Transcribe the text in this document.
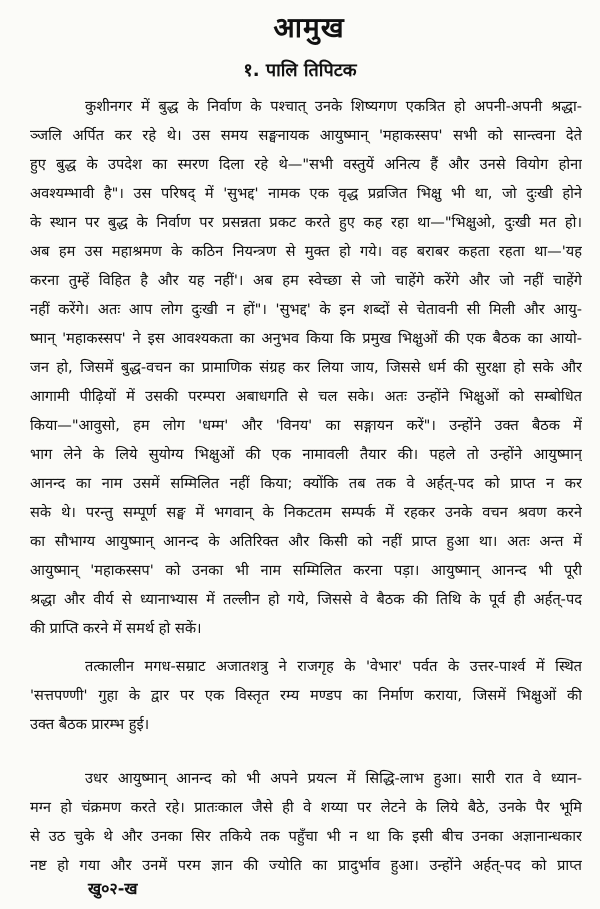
आमुख
१. पालि तिपिटक
कुशीनगर में बुद्ध के निर्वाण के पश्चात् उनके शिष्यगण एकत्रित हो अपनी-अपनी श्रद्धा-
ञ्जलि अर्पित कर रहे थे। उस समय सङ्घनायक आयुष्मान् 'महाकस्सप' सभी को सान्त्वना देते
हुए बुद्ध के उपदेश का स्मरण दिला रहे थे—"सभी वस्तुयें अनित्य हैं और उनसे वियोग होना
अवश्यम्भावी है"। उस परिषद् में 'सुभद्द' नामक एक वृद्ध प्रव्रजित भिक्षु भी था, जो दुःखी होने
के स्थान पर बुद्ध के निर्वाण पर प्रसन्नता प्रकट करते हुए कह रहा था—"भिक्षुओ, दुःखी मत हो।
अब हम उस महाश्रमण के कठिन नियन्त्रण से मुक्त हो गये। वह बराबर कहता रहता था—'यह
करना तुम्हें विहित है और यह नहीं'। अब हम स्वेच्छा से जो चाहेंगे करेंगे और जो नहीं चाहेंगे
नहीं करेंगे। अतः आप लोग दुःखी न हों"। 'सुभद्द' के इन शब्दों से चेतावनी सी मिली और आयु-
ष्मान् 'महाकस्सप' ने इस आवश्यकता का अनुभव किया कि प्रमुख भिक्षुओं की एक बैठक का आयो-
जन हो, जिसमें बुद्ध-वचन का प्रामाणिक संग्रह कर लिया जाय, जिससे धर्म की सुरक्षा हो सके और
आगामी पीढ़ियों में उसकी परम्परा अबाधगति से चल सके। अतः उन्होंने भिक्षुओं को सम्बोधित
किया—"आवुसो, हम लोग 'धम्म' और 'विनय' का सङ्गायन करें"। उन्होंने उक्त बैठक में
भाग लेने के लिये सुयोग्य भिक्षुओं की एक नामावली तैयार की। पहले तो उन्होंने आयुष्मान्
आनन्द का नाम उसमें सम्मिलित नहीं किया; क्योंकि तब तक वे अर्हत्-पद को प्राप्त न कर
सके थे। परन्तु सम्पूर्ण सङ्घ में भगवान् के निकटतम सम्पर्क में रहकर उनके वचन श्रवण करने
का सौभाग्य आयुष्मान् आनन्द के अतिरिक्त और किसी को नहीं प्राप्त हुआ था। अतः अन्त में
आयुष्मान् 'महाकस्सप' को उनका भी नाम सम्मिलित करना पड़ा। आयुष्मान् आनन्द भी पूरी
श्रद्धा और वीर्य से ध्यानाभ्यास में तल्लीन हो गये, जिससे वे बैठक की तिथि के पूर्व ही अर्हत्-पद
की प्राप्ति करने में समर्थ हो सकें।
तत्कालीन मगध-सम्राट अजातशत्रु ने राजगृह के 'वेभार' पर्वत के उत्तर-पार्श्व में स्थित
'सत्तपण्णी' गुहा के द्वार पर एक विस्तृत रम्य मण्डप का निर्माण कराया, जिसमें भिक्षुओं की
उक्त बैठक प्रारम्भ हुई।
उधर आयुष्मान् आनन्द को भी अपने प्रयत्न में सिद्धि-लाभ हुआ। सारी रात वे ध्यान-
मग्न हो चंक्रमण करते रहे। प्रातःकाल जैसे ही वे शय्या पर लेटने के लिये बैठे, उनके पैर भूमि
से उठ चुके थे और उनका सिर तकिये तक पहुँचा भी न था कि इसी बीच उनका अज्ञानान्धकार
नष्ट हो गया और उनमें परम ज्ञान की ज्योति का प्रादुर्भाव हुआ। उन्होंने अर्हत्-पद को प्राप्त
खु०२-ख
